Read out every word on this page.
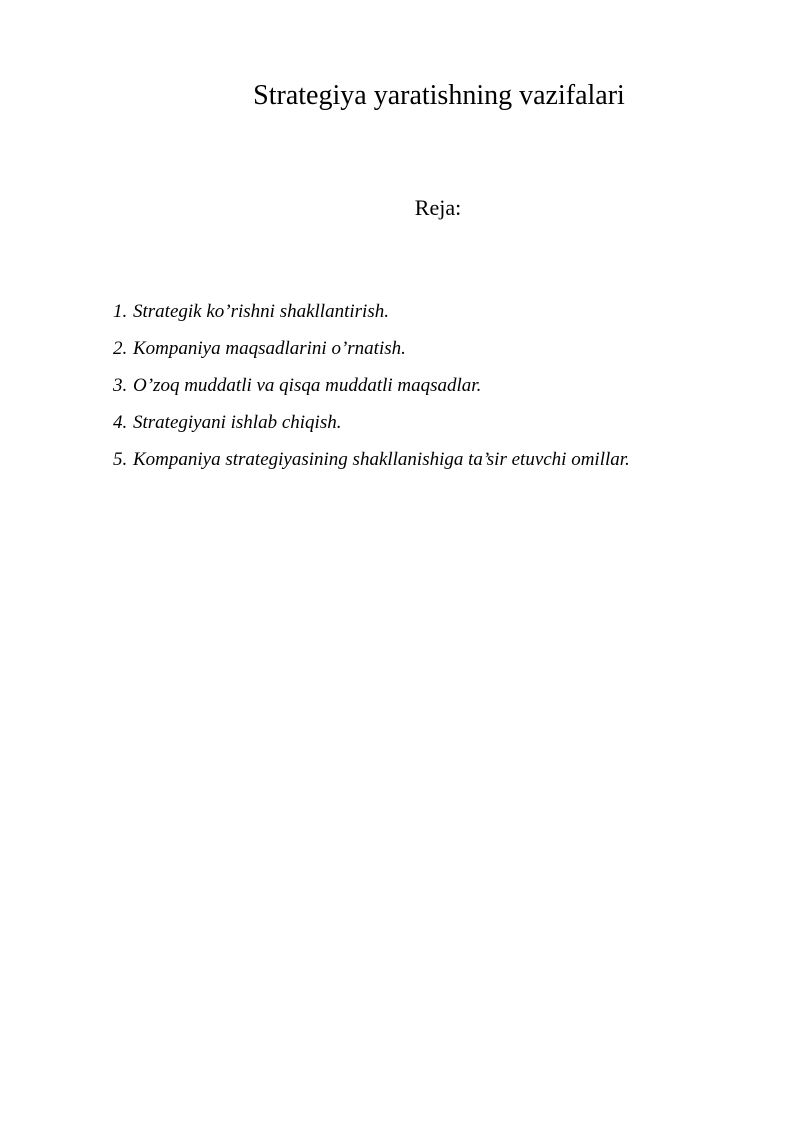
Strategiya yaratishning vazifalari
Reja:
1. Strategik ko’rishni shakllantirish.
2. Kompaniya maqsadlarini o’rnatish.
3. O’zoq muddatli va qisqa muddatli maqsadlar.
4. Strategiyani ishlab chiqish.
5. Kompaniya strategiyasining shakllanishiga ta’sir etuvchi omillar.
